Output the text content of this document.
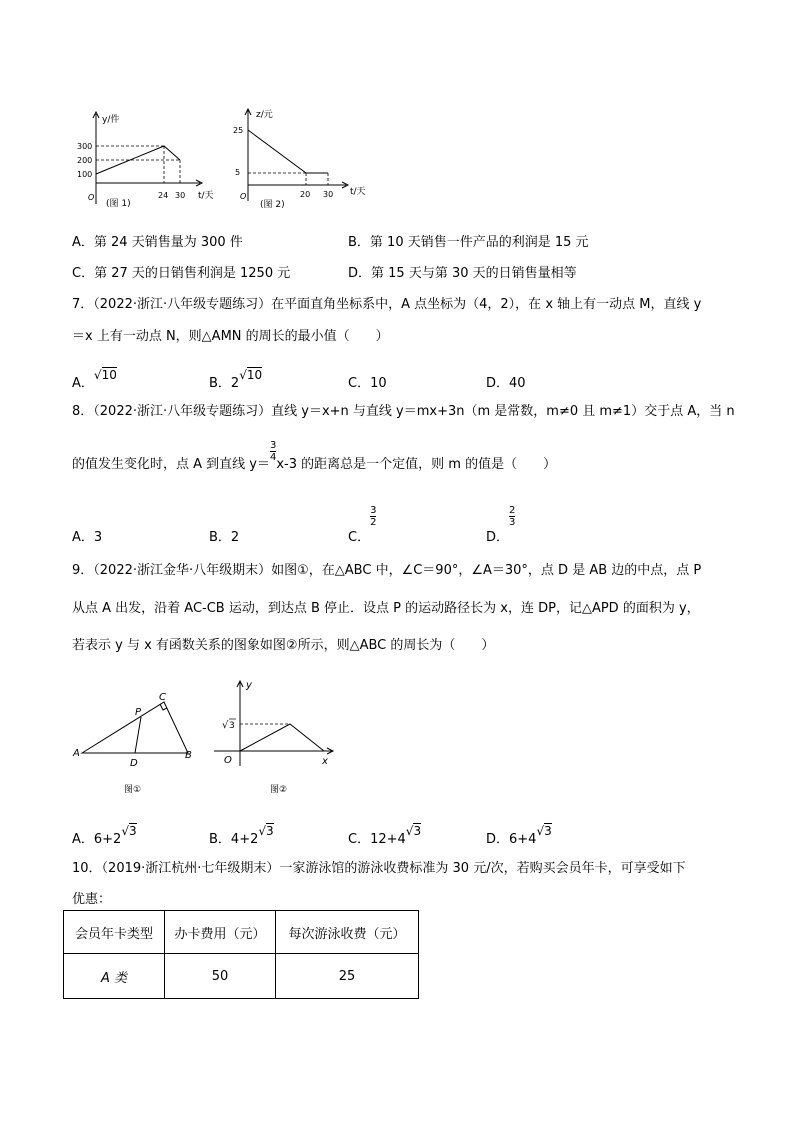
y/件
300
200
100
O	24 30 t/天
(图 1)
z/元
25
5
O	20 30 t/天
(图 2)
A．第 24 天销售量为 300 件	B．第 10 天销售一件产品的利润是 15 元
C．第 27 天的日销售利润是 1250 元	D．第 15 天与第 30 天的日销售量相等
7．（2022·浙江·八年级专题练习）在平面直角坐标系中，A 点坐标为（4，2），在 x 轴上有一动点 M，直线 y
＝x 上有一动点 N，则△AMN 的周长的最小值（　　）
A．√10
B．2√10
C．10	D．40
8．（2022·浙江·八年级专题练习）直线 y＝x+n 与直线 y＝mx+3n（m 是常数，m≠0 且 m≠1）交于点 A，当 n
的值发生变化时，点 A 到直线 $y=\frac{3}{4}$
x-3 的距离总是一个定值，则 m 的值是（　　）
A．3	B．2	C．$\frac{3}{2}$
D．$\frac{2}{3}$
9．（2022·浙江金华·八年级期末）如图①，在△ABC 中，∠C＝90°，∠A＝30°，点 D 是 AB 边的中点，点 P
从点 A 出发，沿着 AC-CB 运动，到达点 B 停止．设点 P 的运动路径长为 x，连 DP，记△APD 的面积为 y，
若表示 y 与 x 有函数关系的图象如图②所示，则△ABC 的周长为（　　）
C
P
A
D
B
图①
y
√ 3
O	x
图②
A．6+2√3
B．4+2√3
C．12+4√3
D．6+4√3
10．（2019·浙江杭州·七年级期末）一家游泳馆的游泳收费标准为 30 元/次，若购买会员年卡，可享受如下
优惠：
会员年卡类型	办卡费用（元）	每次游泳收费（元）
A 类	50	25
